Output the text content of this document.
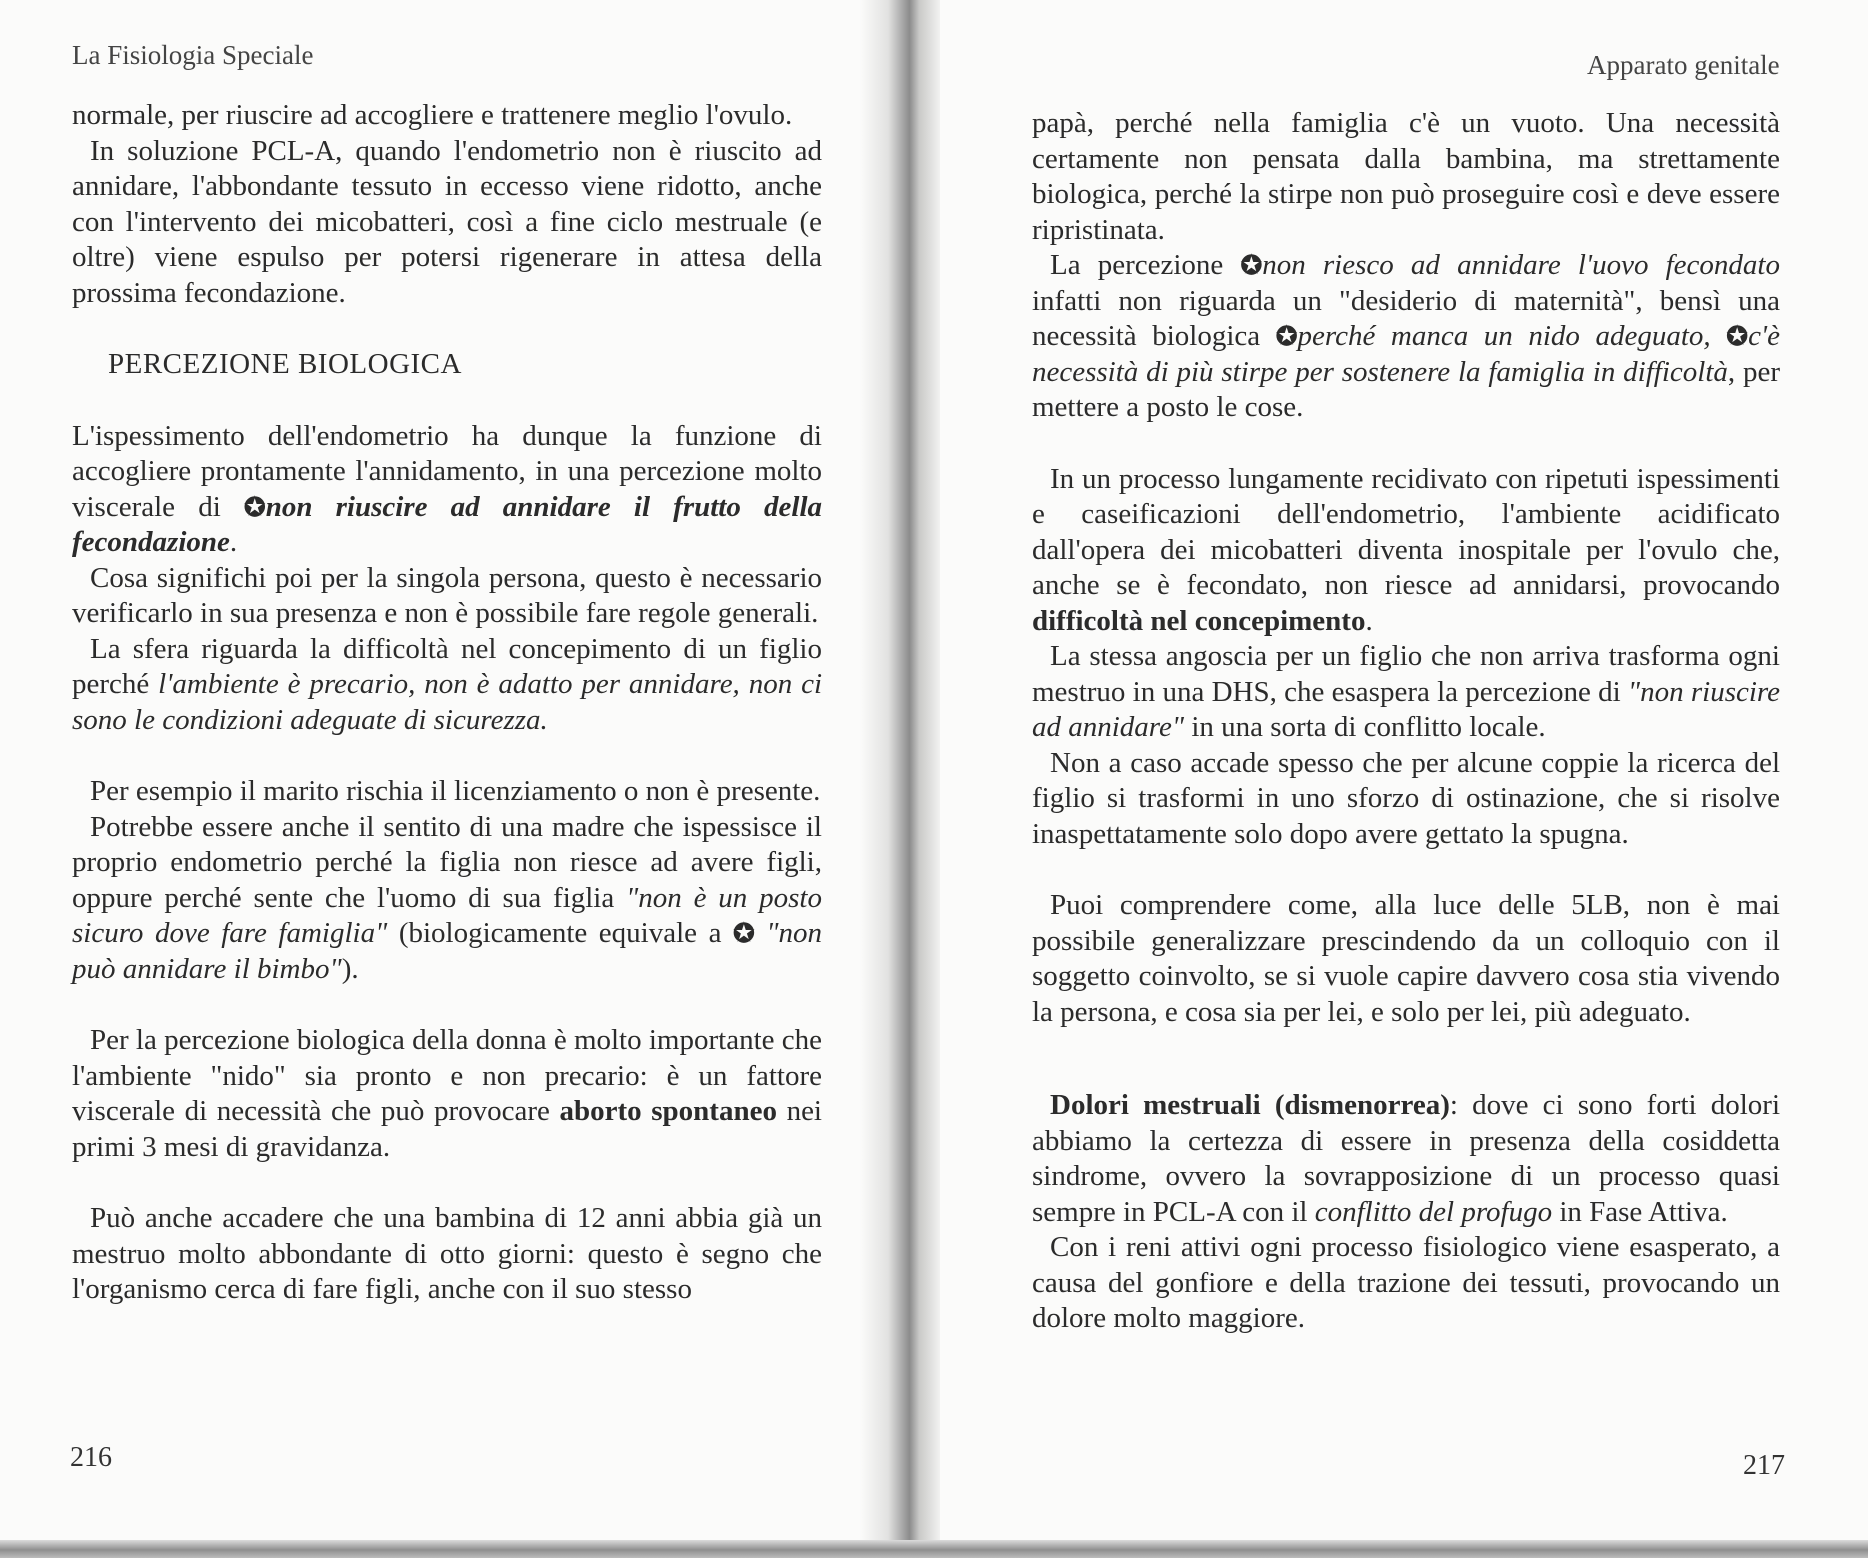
La Fisiologia Speciale

normale, per riuscire ad accogliere e trattenere meglio l'ovulo.

In soluzione PCL-A, quando l'endometrio non è riuscito ad annidare, l'abbondante tessuto in eccesso viene ridotto, anche con l'intervento dei micobatteri, così a fine ciclo mestruale (e oltre) viene espulso per potersi rigenerare in attesa della prossima fecondazione.

PERCEZIONE BIOLOGICA

L'ispessimento dell'endometrio ha dunque la funzione di accogliere prontamente l'annidamento, in una percezione molto viscerale di ✪non riuscire ad annidare il frutto della fecondazione.

Cosa significhi poi per la singola persona, questo è necessario verificarlo in sua presenza e non è possibile fare regole generali.

La sfera riguarda la difficoltà nel concepimento di un figlio perché l'ambiente è precario, non è adatto per annidare, non ci sono le condizioni adeguate di sicurezza.

Per esempio il marito rischia il licenziamento o non è presente.

Potrebbe essere anche il sentito di una madre che ispessisce il proprio endometrio perché la figlia non riesce ad avere figli, oppure perché sente che l'uomo di sua figlia "non è un posto sicuro dove fare famiglia" (biologicamente equivale a ✪ "non può annidare il bimbo").

Per la percezione biologica della donna è molto importante che l'ambiente "nido" sia pronto e non precario: è un fattore viscerale di necessità che può provocare aborto spontaneo nei primi 3 mesi di gravidanza.

Può anche accadere che una bambina di 12 anni abbia già un mestruo molto abbondante di otto giorni: questo è segno che l'organismo cerca di fare figli, anche con il suo stesso

216
Apparato genitale

papà, perché nella famiglia c'è un vuoto. Una necessità certamente non pensata dalla bambina, ma strettamente biologica, perché la stirpe non può proseguire così e deve essere ripristinata.

La percezione ✪non riesco ad annidare l'uovo fecondato infatti non riguarda un "desiderio di maternità", bensì una necessità biologica ✪perché manca un nido adeguato, ✪c'è necessità di più stirpe per sostenere la famiglia in difficoltà, per mettere a posto le cose.

In un processo lungamente recidivato con ripetuti ispessimenti e caseificazioni dell'endometrio, l'ambiente acidificato dall'opera dei micobatteri diventa inospitale per l'ovulo che, anche se è fecondato, non riesce ad annidarsi, provocando difficoltà nel concepimento.

La stessa angoscia per un figlio che non arriva trasforma ogni mestruo in una DHS, che esaspera la percezione di "non riuscire ad annidare" in una sorta di conflitto locale.

Non a caso accade spesso che per alcune coppie la ricerca del figlio si trasformi in uno sforzo di ostinazione, che si risolve inaspettatamente solo dopo avere gettato la spugna.

Puoi comprendere come, alla luce delle 5LB, non è mai possibile generalizzare prescindendo da un colloquio con il soggetto coinvolto, se si vuole capire davvero cosa stia vivendo la persona, e cosa sia per lei, e solo per lei, più adeguato.

Dolori mestruali (dismenorrea): dove ci sono forti dolori abbiamo la certezza di essere in presenza della cosiddetta sindrome, ovvero la sovrapposizione di un processo quasi sempre in PCL-A con il conflitto del profugo in Fase Attiva.

Con i reni attivi ogni processo fisiologico viene esasperato, a causa del gonfiore e della trazione dei tessuti, provocando un dolore molto maggiore.

217
